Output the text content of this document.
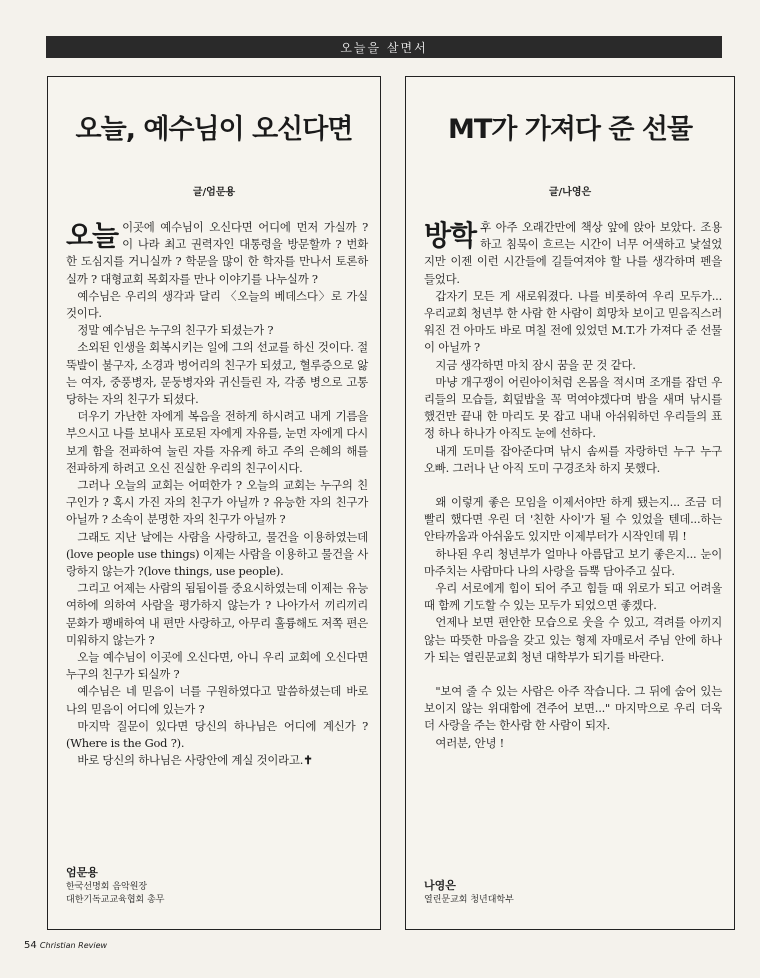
오늘을 살면서
오늘, 예수님이 오신다면
글/엄문용

오늘 이곳에 예수님이 오신다면 어디에 먼저 가실까 ? 이 나라 최고 권력자인 대통령을 방문할까 ? 번화한 도심지를 거니실까 ? 학문을 많이 한 학자를 만나서 토론하실까 ? 대형교회 목회자를 만나 이야기를 나누실까 ?

예수님은 우리의 생각과 달리 〈오늘의 베데스다〉로 가실 것이다.

정말 예수님은 누구의 친구가 되셨는가 ?

소외된 인생을 회복시키는 일에 그의 선교를 하신 것이다. 절뚝발이 불구자, 소경과 벙어리의 친구가 되셨고, 혈루증으로 앓는 여자, 중풍병자, 문둥병자와 귀신들린 자, 각종 병으로 고통당하는 자의 친구가 되셨다.

더우기 가난한 자에게 복음을 전하게 하시려고 내게 기름을 부으시고 나를 보내사 포로된 자에게 자유를, 눈먼 자에게 다시 보게 함을 전파하여 눌린 자를 자유케 하고 주의 은혜의 해를 전파하게 하려고 오신 진실한 우리의 친구이시다.

그러나 오늘의 교회는 어떠한가 ? 오늘의 교회는 누구의 친구인가 ? 혹시 가진 자의 친구가 아닐까 ? 유능한 자의 친구가 아닐까 ? 소속이 분명한 자의 친구가 아닐까 ?

그래도 지난 날에는 사람을 사랑하고, 물건을 이용하였는데(love people use things) 이제는 사람을 이용하고 물건을 사랑하지 않는가 ?(love things, use people).

그리고 어제는 사람의 됨됨이를 중요시하였는데 이제는 유능 여하에 의하여 사람을 평가하지 않는가 ? 나아가서 끼리끼리 문화가 팽배하여 내 편만 사랑하고, 아무리 훌륭해도 저쪽 편은 미워하지 않는가 ?

오늘 예수님이 이곳에 오신다면, 아니 우리 교회에 오신다면 누구의 친구가 되실까 ?

예수님은 네 믿음이 너를 구원하였다고 말씀하셨는데 바로 나의 믿음이 어디에 있는가 ?

마지막 질문이 있다면 당신의 하나님은 어디에 계신가 ?(Where is the God ?).

바로 당신의 하나님은 사랑안에 계실 것이라고.✝

엄문용
한국선명회 음악원장
대한기독교교육협회 총무
MT가 가져다 준 선물
글/나영은

방학 후 아주 오래간만에 책상 앞에 앉아 보았다. 조용하고 침묵이 흐르는 시간이 너무 어색하고 낯설었지만 이젠 이런 시간들에 길들여져야 할 나를 생각하며 펜을 들었다.

갑자기 모든 게 새로워졌다. 나를 비롯하여 우리 모두가... 우리교회 청년부 한 사람 한 사람이 희망차 보이고 믿음직스러워진 건 아마도 바로 며칠 전에 있었던 M.T.가 가져다 준 선물이 아닐까 ?

지금 생각하면 마치 잠시 꿈을 꾼 것 같다.

마냥 개구쟁이 어린아이처럼 온몸을 적시며 조개를 잡던 우리들의 모습들, 회덮밥을 꼭 먹여야겠다며 밤을 새며 낚시를 했건만 끝내 한 마리도 못 잡고 내내 아쉬워하던 우리들의 표정 하나 하나가 아직도 눈에 선하다.

내게 도미를 잡아준다며 낚시 솜씨를 자랑하던 누구 누구 오빠. 그러나 난 아직 도미 구경조차 하지 못했다.

왜 이렇게 좋은 모임을 이제서야만 하게 됐는지... 조금 더 빨리 했다면 우린 더 '친한 사이'가 될 수 있었을 텐데...하는 안타까움과 아쉬움도 있지만 이제부터가 시작인데 뭐 !

하나된 우리 청년부가 얼마나 아름답고 보기 좋은지... 눈이 마주치는 사람마다 나의 사랑을 듬뿍 담아주고 싶다.

우리 서로에게 힘이 되어 주고 힘들 때 위로가 되고 어려울 때 함께 기도할 수 있는 모두가 되었으면 좋겠다.

언제나 보면 편안한 모습으로 웃을 수 있고, 격려를 아끼지 않는 따뜻한 마음을 갖고 있는 형제 자매로서 주님 안에 하나가 되는 열린문교회 청년 대학부가 되기를 바란다.

"보여 줄 수 있는 사람은 아주 작습니다. 그 뒤에 숨어 있는 보이지 않는 위대함에 견주어 보면..." 마지막으로 우리 더욱 더 사랑을 주는 한사람 한 사람이 되자.

여러분, 안녕 !

나영은
열린문교회 청년대학부
54 Christian Review
